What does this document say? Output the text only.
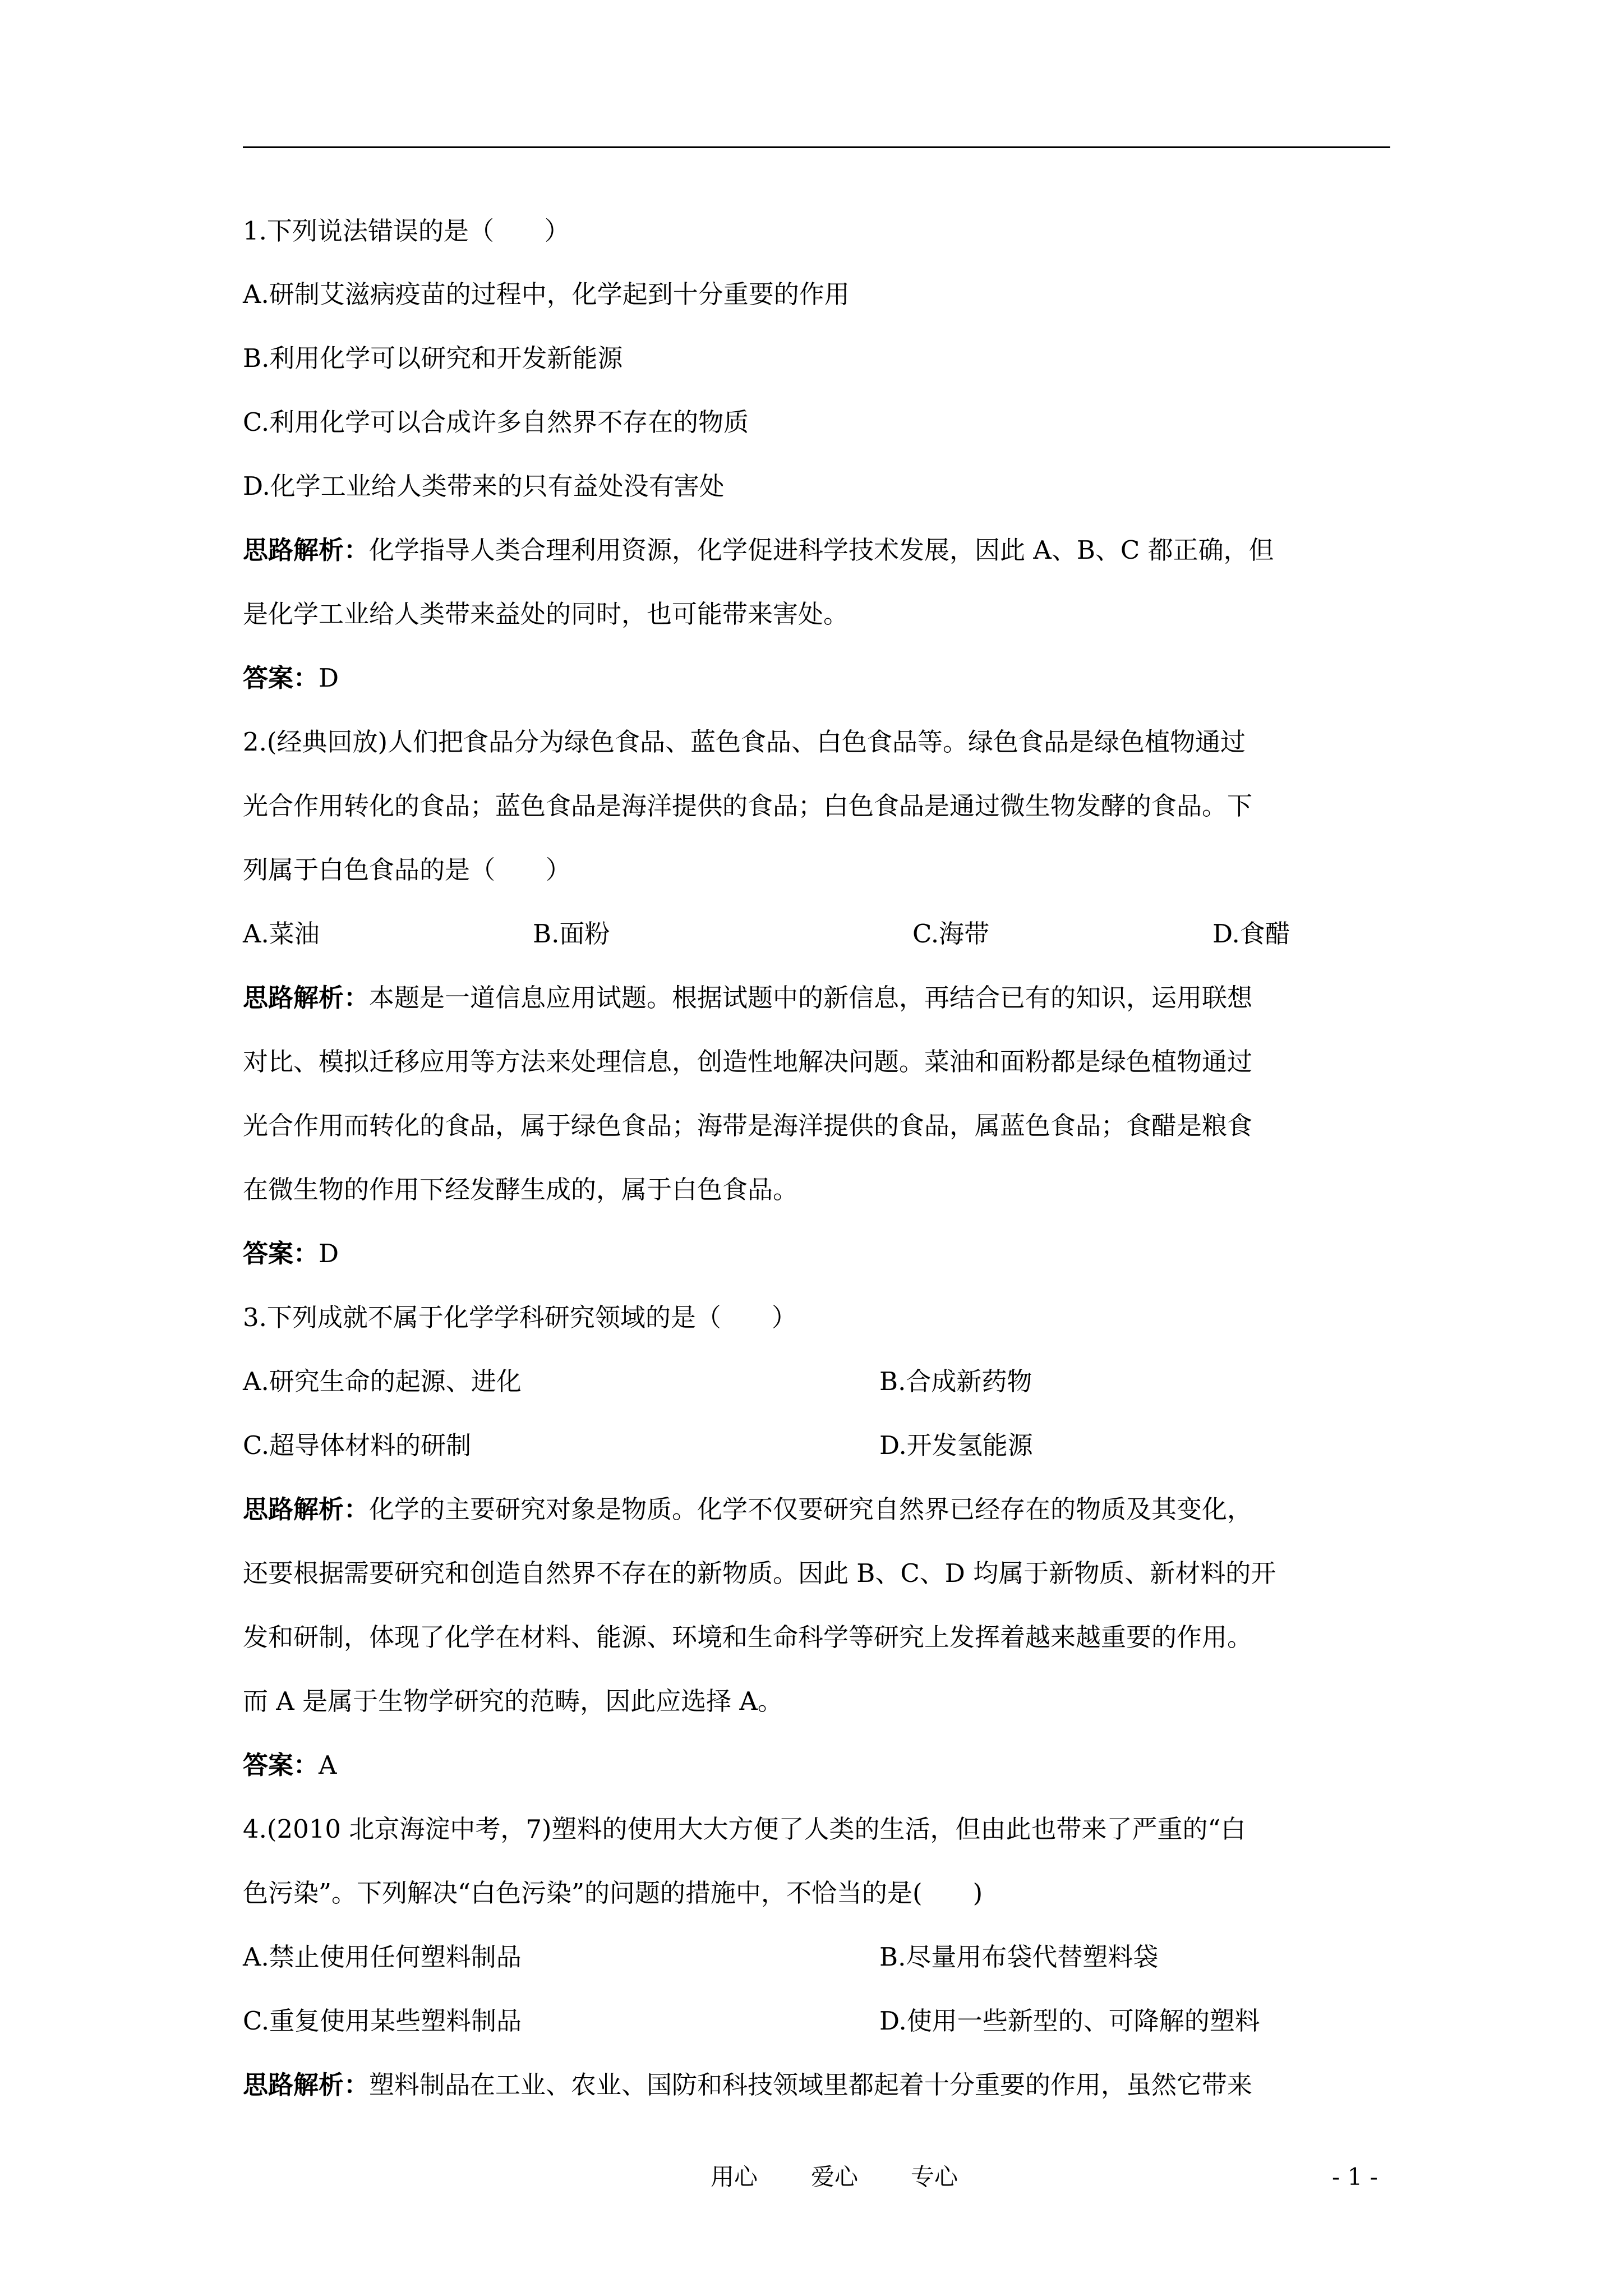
1.下列说法错误的是（　　）
A.研制艾滋病疫苗的过程中，化学起到十分重要的作用
B.利用化学可以研究和开发新能源
C.利用化学可以合成许多自然界不存在的物质
D.化学工业给人类带来的只有益处没有害处
思路解析：化学指导人类合理利用资源，化学促进科学技术发展，因此 A、B、C 都正确，但
是化学工业给人类带来益处的同时，也可能带来害处。
答案：D
2.(经典回放)人们把食品分为绿色食品、蓝色食品、白色食品等。绿色食品是绿色植物通过
光合作用转化的食品；蓝色食品是海洋提供的食品；白色食品是通过微生物发酵的食品。下
列属于白色食品的是（　　）
A.菜油	B.面粉	C.海带	D.食醋
思路解析：本题是一道信息应用试题。根据试题中的新信息，再结合已有的知识，运用联想
对比、模拟迁移应用等方法来处理信息，创造性地解决问题。菜油和面粉都是绿色植物通过
光合作用而转化的食品，属于绿色食品；海带是海洋提供的食品，属蓝色食品；食醋是粮食
在微生物的作用下经发酵生成的，属于白色食品。
答案：D
3.下列成就不属于化学学科研究领域的是（　　）
A.研究生命的起源、进化	B.合成新药物
C.超导体材料的研制	D.开发氢能源
思路解析：化学的主要研究对象是物质。化学不仅要研究自然界已经存在的物质及其变化，
还要根据需要研究和创造自然界不存在的新物质。因此 B、C、D 均属于新物质、新材料的开
发和研制，体现了化学在材料、能源、环境和生命科学等研究上发挥着越来越重要的作用。
而 A 是属于生物学研究的范畴，因此应选择 A。
答案：A
4.(2010 北京海淀中考，7)塑料的使用大大方便了人类的生活，但由此也带来了严重的“白
色污染”。下列解决“白色污染”的问题的措施中，不恰当的是(　　)
A.禁止使用任何塑料制品	B.尽量用布袋代替塑料袋
C.重复使用某些塑料制品	D.使用一些新型的、可降解的塑料
思路解析：塑料制品在工业、农业、国防和科技领域里都起着十分重要的作用，虽然它带来
用心 爱心 专心	- 1 -
